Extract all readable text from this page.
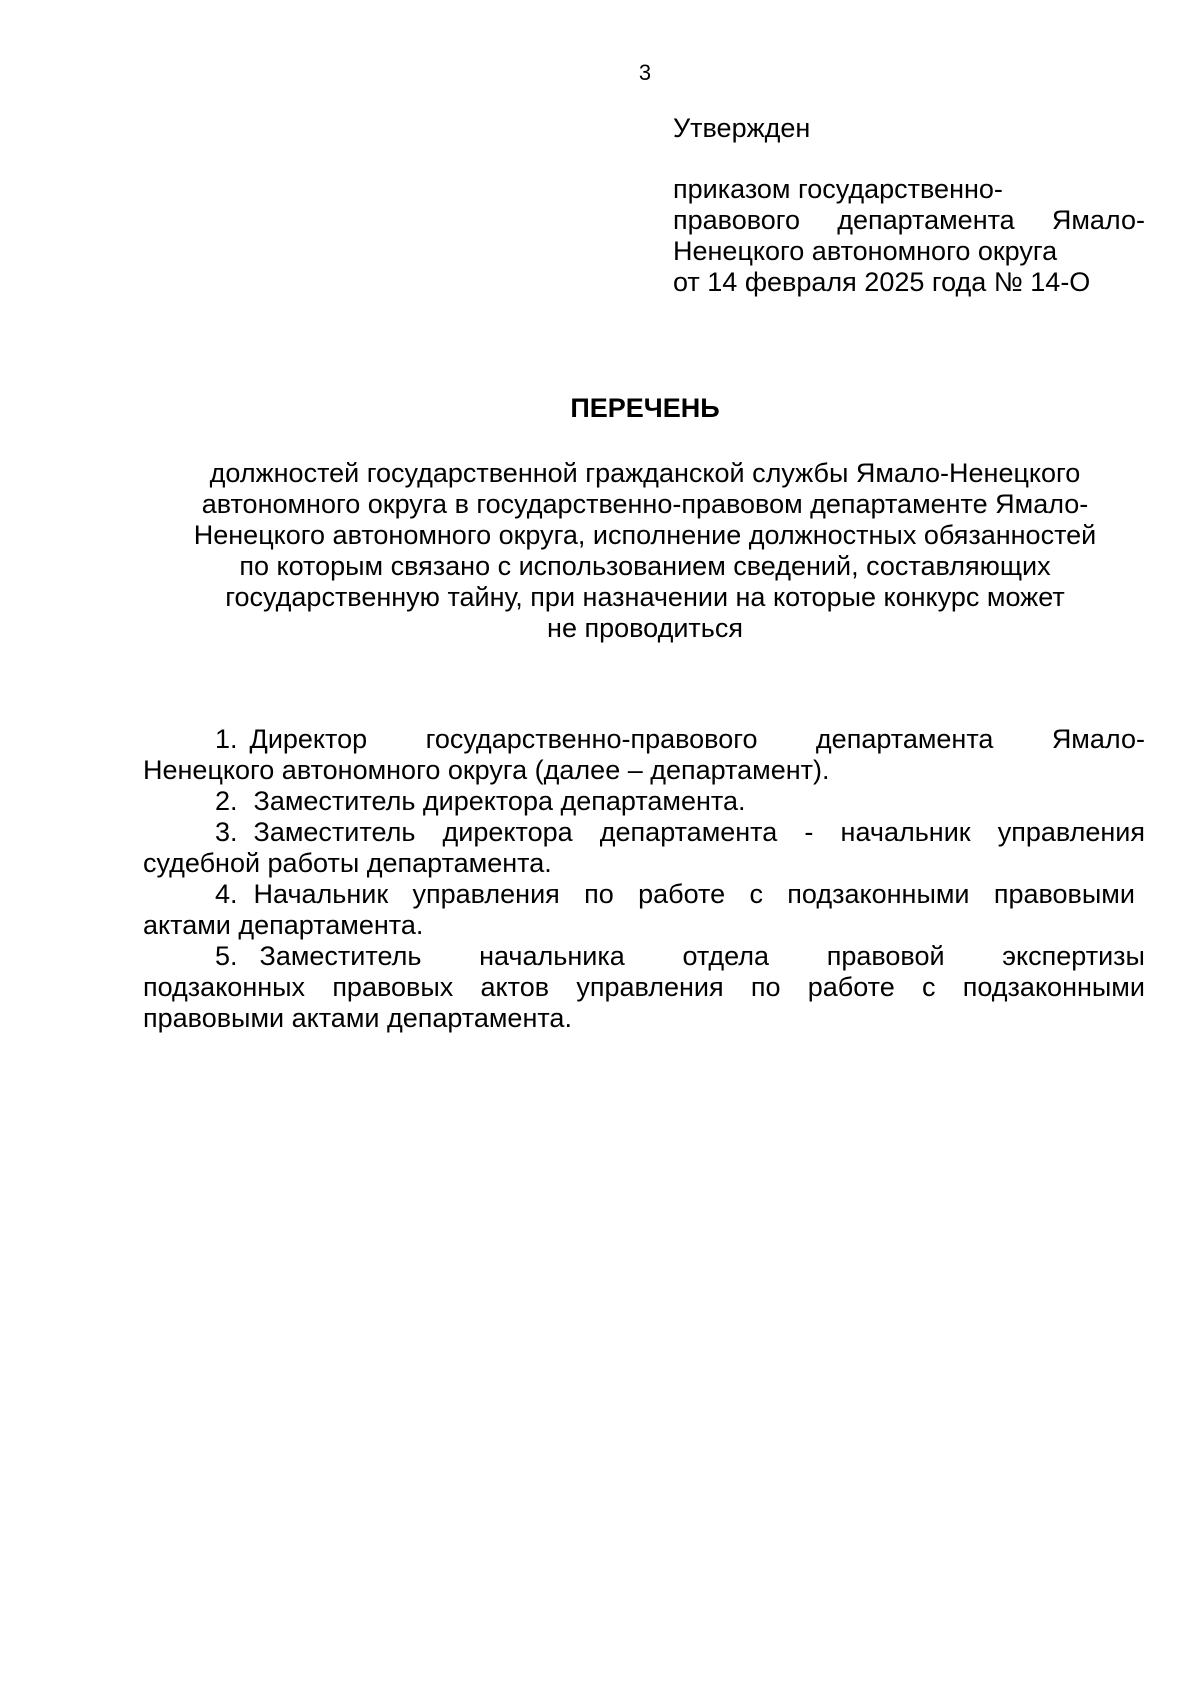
3
Утвержден
приказом государственно-
правового департамента Ямало-
Ненецкого автономного округа
от 14 февраля 2025 года № 14-О
ПЕРЕЧЕНЬ
должностей государственной гражданской службы Ямало-Ненецкого
автономного округа в государственно-правовом департаменте Ямало-
Ненецкого автономного округа, исполнение должностных обязанностей
по которым связано с использованием сведений, составляющих
государственную тайну, при назначении на которые конкурс может
не проводиться
1. Директор государственно-правового департамента Ямало-
Ненецкого автономного округа (далее – департамент).
2. Заместитель директора департамента.
3. Заместитель директора департамента - начальник управления
судебной работы департамента.
4. Начальник управления по работе с подзаконными правовыми
актами департамента.
5. Заместитель начальника отдела правовой экспертизы
подзаконных правовых актов управления по работе с подзаконными
правовыми актами департамента.
